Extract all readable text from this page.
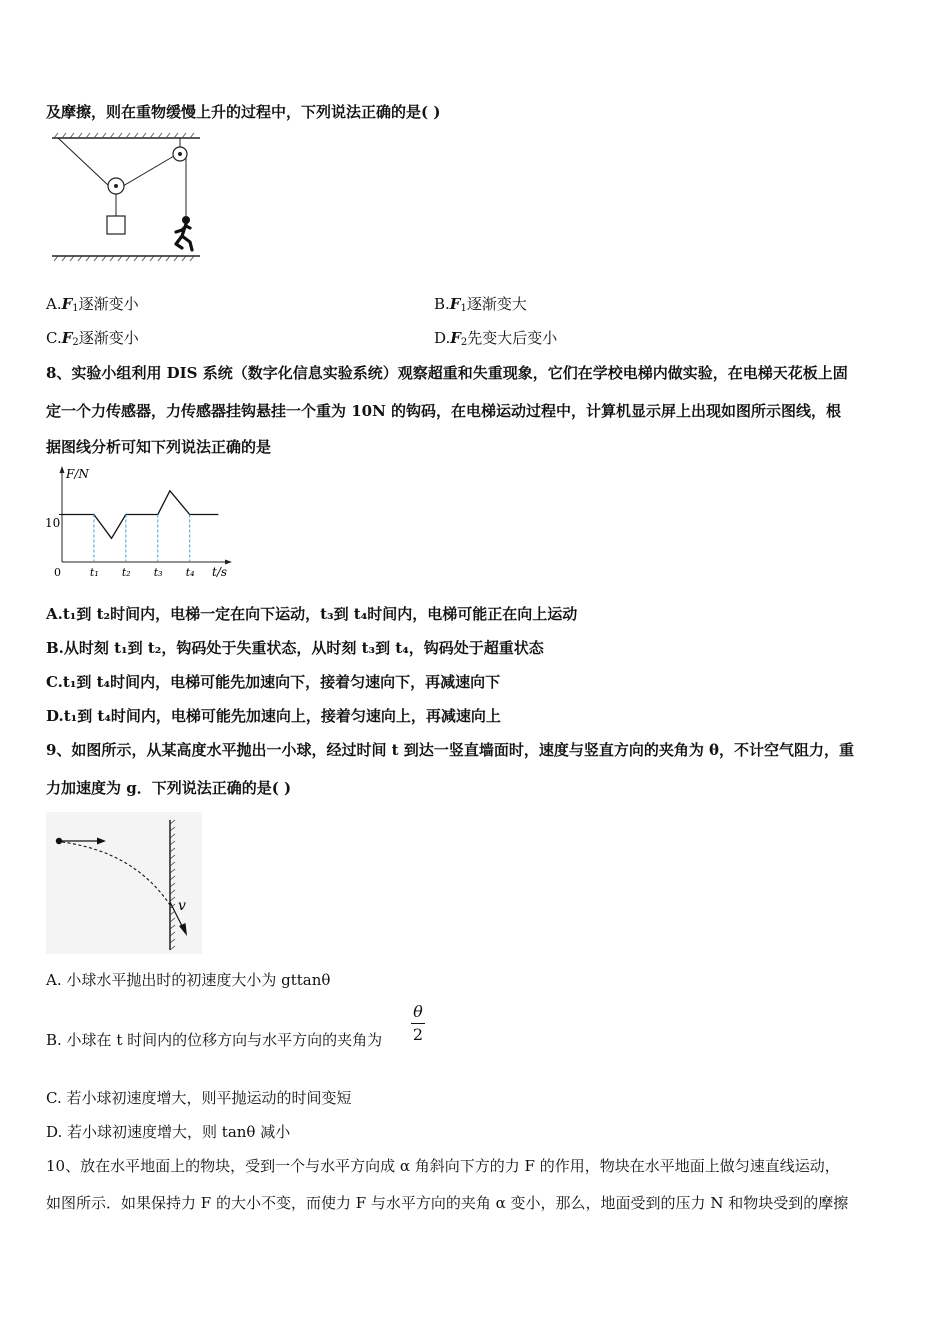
及摩擦，则在重物缓慢上升的过程中，下列说法正确的是( )
$A.F_1$逐渐变小	$B.F_1$逐渐变大
$C.F_2$逐渐变小	$D.F_2$先变大后变小
8、实验小组利用 DIS 系统（数字化信息实验系统）观察超重和失重现象，它们在学校电梯内做实验，在电梯天花板上固
定一个力传感器，力传感器挂钩悬挂一个重为 10N 的钩码，在电梯运动过程中，计算机显示屏上出现如图所示图线，根
据图线分析可知下列说法正确的是
F/N
t/s
0
10
t₁ t₂ t₃ t₄
A.t₁到 t₂时间内，电梯一定在向下运动，t₃到 t₄时间内，电梯可能正在向上运动
B.从时刻 t₁到 t₂，钩码处于失重状态，从时刻 t₃到 t₄，钩码处于超重状态
C.t₁到 t₄时间内，电梯可能先加速向下，接着匀速向下，再减速向下
D.t₁到 t₄时间内，电梯可能先加速向上，接着匀速向上，再减速向上
9、如图所示，从某高度水平抛出一小球，经过时间 t 到达一竖直墙面时，速度与竖直方向的夹角为 θ，不计空气阻力，重
力加速度为 g．下列说法正确的是( )
v
A. 小球水平抛出时的初速度大小为 gttanθ
B. 小球在 t 时间内的位移方向与水平方向的夹角为
θ
2
C. 若小球初速度增大，则平抛运动的时间变短
D. 若小球初速度增大，则 tanθ 减小
10、放在水平地面上的物块，受到一个与水平方向成 α 角斜向下方的力 F 的作用，物块在水平地面上做匀速直线运动，
如图所示．如果保持力 F 的大小不变，而使力 F 与水平方向的夹角 α 变小，那么，地面受到的压力 N 和物块受到的摩擦
